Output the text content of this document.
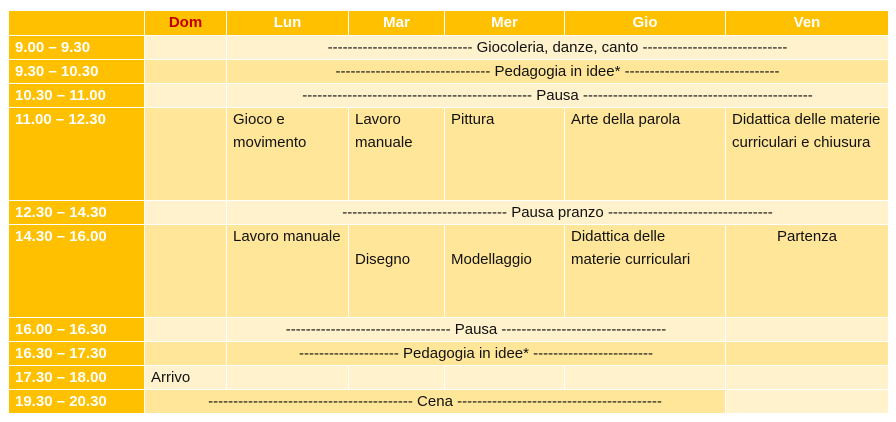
	Dom	Lun	Mar	Mer	Gio	Ven
9.00 – 9.30		----------------------------- Giocoleria, danze, canto -----------------------------				
9.30 – 10.30		------------------------------- Pedagogia in idee* -------------------------------				
10.30 – 11.00		---------------------------------------------- Pausa ----------------------------------------------				
11.00 – 12.30		Gioco e movimento	Lavoro manuale	Pittura	Arte della parola	Didattica delle materie curriculari e chiusura
12.30 – 14.30		--------------------------------- Pausa pranzo ---------------------------------				
14.30 – 16.00		Lavoro manuale	Disegno	Modellaggio	Didattica delle materie curriculari	Partenza
16.00 – 16.30		--------------------------------- Pausa ---------------------------------				
16.30 – 17.30		-------------------- Pedagogia in idee* ------------------------				
17.30 – 18.00	Arrivo					
19.30 – 20.30	----------------------------------------- Cena -----------------------------------------					
